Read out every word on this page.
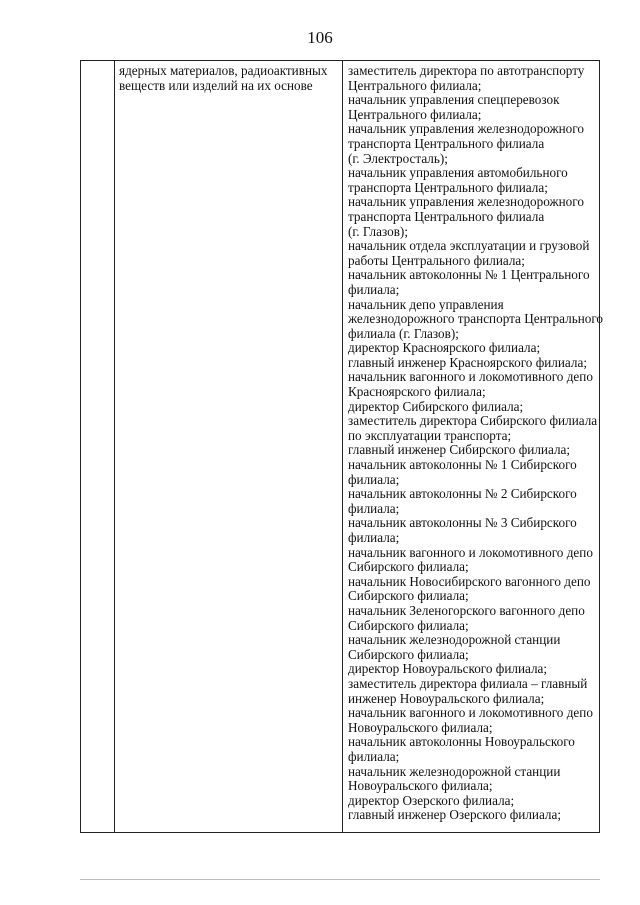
106
ядерных материалов, радиоактивных
веществ или изделий на их основе
заместитель директора по автотранспорту
Центрального филиала;
начальник управления спецперевозок
Центрального филиала;
начальник управления железнодорожного
транспорта Центрального филиала
(г. Электросталь);
начальник управления автомобильного
транспорта Центрального филиала;
начальник управления железнодорожного
транспорта Центрального филиала
(г. Глазов);
начальник отдела эксплуатации и грузовой
работы Центрального филиала;
начальник автоколонны № 1 Центрального
филиала;
начальник депо управления
железнодорожного транспорта Центрального
филиала (г. Глазов);
директор Красноярского филиала;
главный инженер Красноярского филиала;
начальник вагонного и локомотивного депо
Красноярского филиала;
директор Сибирского филиала;
заместитель директора Сибирского филиала
по эксплуатации транспорта;
главный инженер Сибирского филиала;
начальник автоколонны № 1 Сибирского
филиала;
начальник автоколонны № 2 Сибирского
филиала;
начальник автоколонны № 3 Сибирского
филиала;
начальник вагонного и локомотивного депо
Сибирского филиала;
начальник Новосибирского вагонного депо
Сибирского филиала;
начальник Зеленогорского вагонного депо
Сибирского филиала;
начальник железнодорожной станции
Сибирского филиала;
директор Новоуральского филиала;
заместитель директора филиала – главный
инженер Новоуральского филиала;
начальник вагонного и локомотивного депо
Новоуральского филиала;
начальник автоколонны Новоуральского
филиала;
начальник железнодорожной станции
Новоуральского филиала;
директор Озерского филиала;
главный инженер Озерского филиала;
